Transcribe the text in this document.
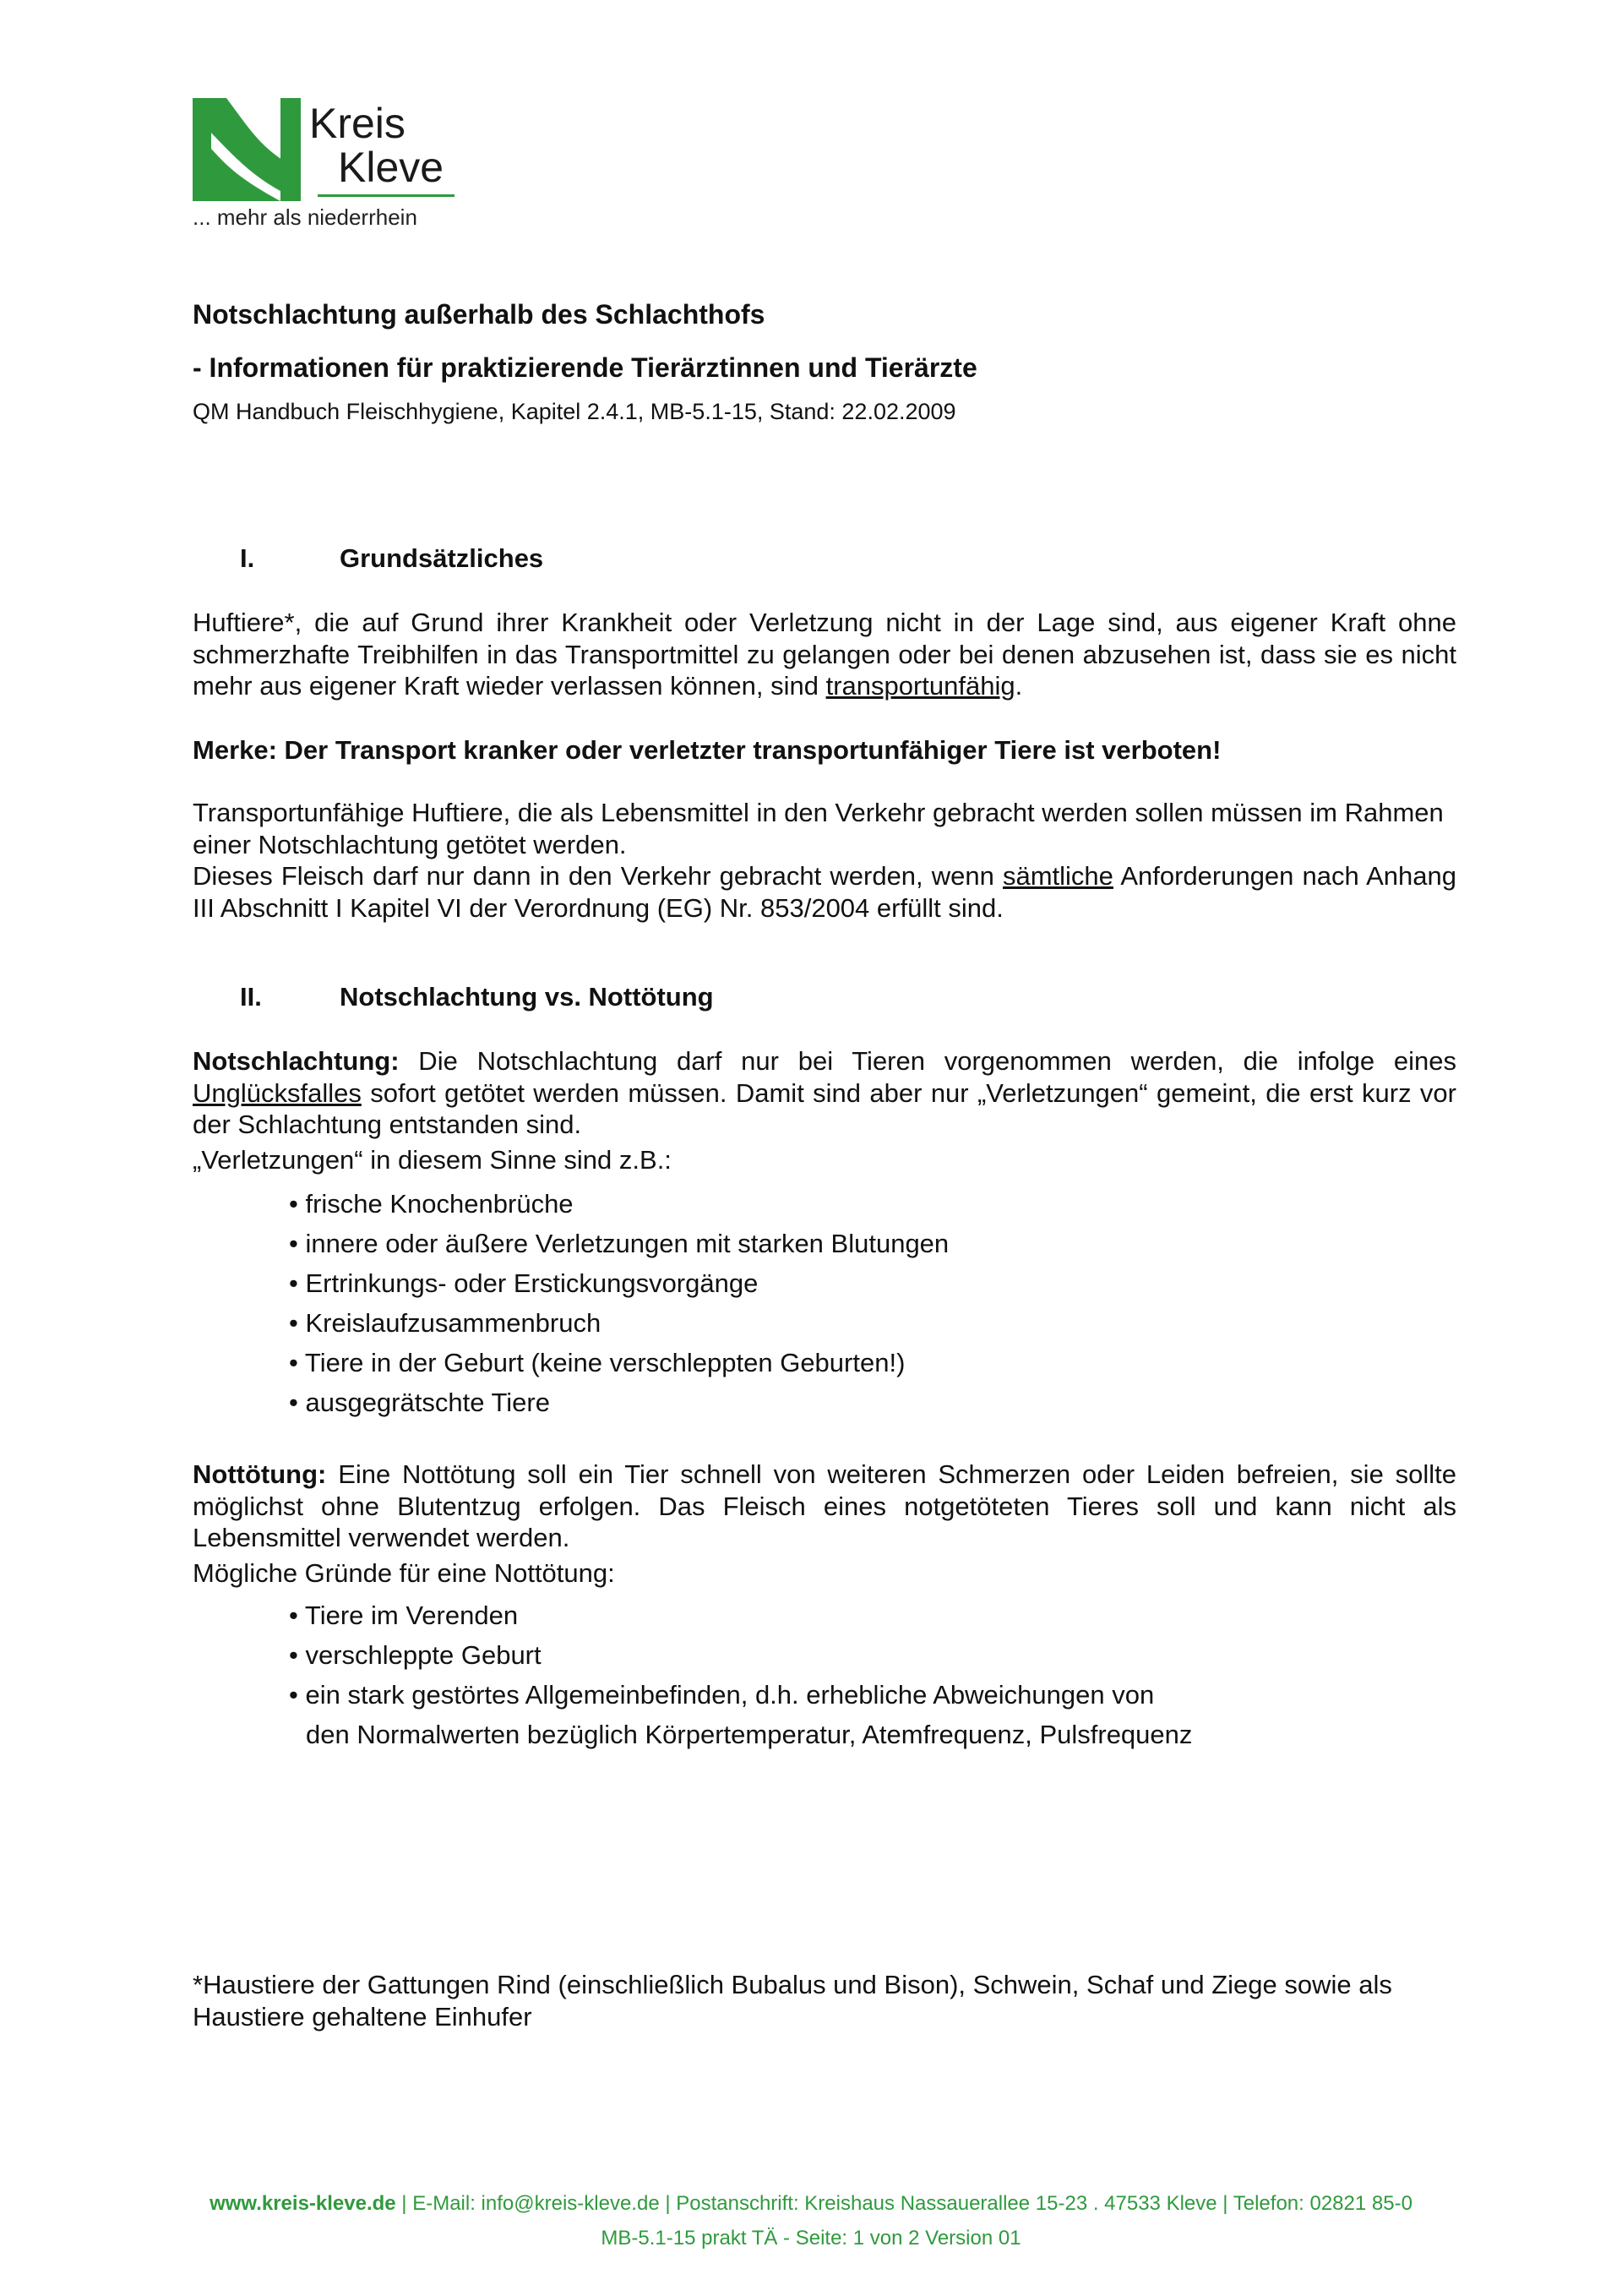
Kreis
Kleve
... mehr als niederrhein
Notschlachtung außerhalb des Schlachthofs
- Informationen für praktizierende Tierärztinnen und Tierärzte
QM Handbuch Fleischhygiene, Kapitel 2.4.1, MB-5.1-15, Stand: 22.02.2009
I.	Grundsätzliches
Huftiere*, die auf Grund ihrer Krankheit oder Verletzung nicht in der Lage sind, aus eigener Kraft ohne schmerzhafte Treibhilfen in das Transportmittel zu gelangen oder bei denen abzusehen ist, dass sie es nicht mehr aus eigener Kraft wieder verlassen können, sind transportunfähig.
Merke: Der Transport kranker oder verletzter transportunfähiger Tiere ist verboten!
Transportunfähige Huftiere, die als Lebensmittel in den Verkehr gebracht werden sollen müssen im Rahmen einer Notschlachtung getötet werden.
Dieses Fleisch darf nur dann in den Verkehr gebracht werden, wenn sämtliche Anforderungen nach Anhang III Abschnitt I Kapitel VI der Verordnung (EG) Nr. 853/2004 erfüllt sind.
II.	Notschlachtung vs. Nottötung
Notschlachtung: Die Notschlachtung darf nur bei Tieren vorgenommen werden, die infolge eines Unglücksfalles sofort getötet werden müssen. Damit sind aber nur „Verletzungen“ gemeint, die erst kurz vor der Schlachtung entstanden sind.
„Verletzungen“ in diesem Sinne sind z.B.:
• frische Knochenbrüche
• innere oder äußere Verletzungen mit starken Blutungen
• Ertrinkungs- oder Erstickungsvorgänge
• Kreislaufzusammenbruch
• Tiere in der Geburt (keine verschleppten Geburten!)
• ausgegrätschte Tiere
Nottötung: Eine Nottötung soll ein Tier schnell von weiteren Schmerzen oder Leiden befreien, sie sollte möglichst ohne Blutentzug erfolgen. Das Fleisch eines notgetöteten Tieres soll und kann nicht als Lebensmittel verwendet werden.
Mögliche Gründe für eine Nottötung:
• Tiere im Verenden
• verschleppte Geburt
• ein stark gestörtes Allgemeinbefinden, d.h. erhebliche Abweichungen von
den Normalwerten bezüglich Körpertemperatur, Atemfrequenz, Pulsfrequenz
*Haustiere der Gattungen Rind (einschließlich Bubalus und Bison), Schwein, Schaf und Ziege sowie als Haustiere gehaltene Einhufer
www.kreis-kleve.de | E-Mail: info@kreis-kleve.de | Postanschrift: Kreishaus Nassauerallee 15-23 . 47533 Kleve | Telefon: 02821 85-0
MB-5.1-15 prakt TÄ - Seite: 1 von 2 Version 01
